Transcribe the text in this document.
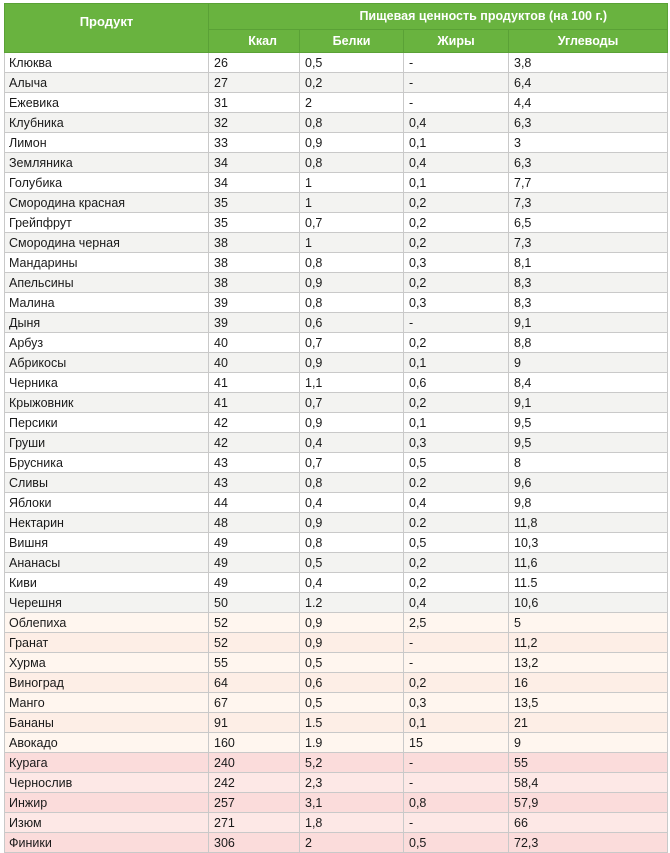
Продукт	Пищевая ценность продуктов (на 100 г.)			
	Ккал	Белки	Жиры	Углеводы
Клюква	26	0,5	-	3,8
Алыча	27	0,2	-	6,4
Ежевика	31	2	-	4,4
Клубника	32	0,8	0,4	6,3
Лимон	33	0,9	0,1	3
Земляника	34	0,8	0,4	6,3
Голубика	34	1	0,1	7,7
Смородина красная	35	1	0,2	7,3
Грейпфрут	35	0,7	0,2	6,5
Смородина черная	38	1	0,2	7,3
Мандарины	38	0,8	0,3	8,1
Апельсины	38	0,9	0,2	8,3
Малина	39	0,8	0,3	8,3
Дыня	39	0,6	-	9,1
Арбуз	40	0,7	0,2	8,8
Абрикосы	40	0,9	0,1	9
Черника	41	1,1	0,6	8,4
Крыжовник	41	0,7	0,2	9,1
Персики	42	0,9	0,1	9,5
Груши	42	0,4	0,3	9,5
Брусника	43	0,7	0,5	8
Сливы	43	0,8	0.2	9,6
Яблоки	44	0,4	0,4	9,8
Нектарин	48	0,9	0.2	11,8
Вишня	49	0,8	0,5	10,3
Ананасы	49	0,5	0,2	11,6
Киви	49	0,4	0,2	11.5
Черешня	50	1.2	0,4	10,6
Облепиха	52	0,9	2,5	5
Гранат	52	0,9	-	11,2
Хурма	55	0,5	-	13,2
Виноград	64	0,6	0,2	16
Манго	67	0,5	0,3	13,5
Бананы	91	1.5	0,1	21
Авокадо	160	1.9	15	9
Курага	240	5,2	-	55
Чернослив	242	2,3	-	58,4
Инжир	257	3,1	0,8	57,9
Изюм	271	1,8	-	66
Финики	306	2	0,5	72,3
